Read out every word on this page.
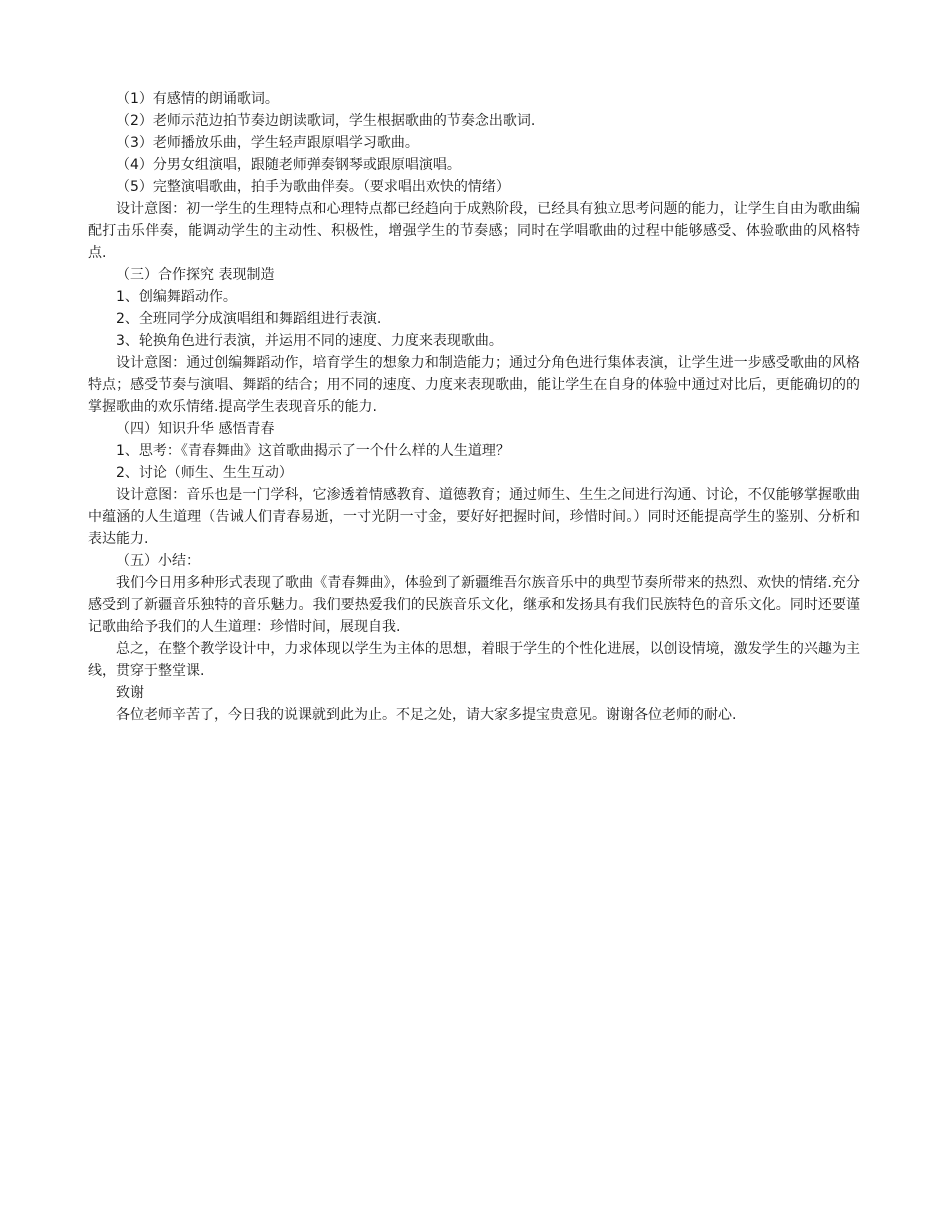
（1）有感情的朗诵歌词。

（2）老师示范边拍节奏边朗读歌词，学生根据歌曲的节奏念出歌词.

（3）老师播放乐曲，学生轻声跟原唱学习歌曲。

（4）分男女组演唱，跟随老师弹奏钢琴或跟原唱演唱。

（5）完整演唱歌曲，拍手为歌曲伴奏。（要求唱出欢快的情绪）

设计意图：初一学生的生理特点和心理特点都已经趋向于成熟阶段，已经具有独立思考问题的能力，让学生自由为歌曲编配打击乐伴奏，能调动学生的主动性、积极性，增强学生的节奏感；同时在学唱歌曲的过程中能够感受、体验歌曲的风格特点.

（三）合作探究 表现制造

1、创编舞蹈动作。

2、全班同学分成演唱组和舞蹈组进行表演.

3、轮换角色进行表演，并运用不同的速度、力度来表现歌曲。

设计意图：通过创编舞蹈动作，培育学生的想象力和制造能力；通过分角色进行集体表演，让学生进一步感受歌曲的风格特点；感受节奏与演唱、舞蹈的结合；用不同的速度、力度来表现歌曲，能让学生在自身的体验中通过对比后，更能确切的的掌握歌曲的欢乐情绪.提高学生表现音乐的能力.

（四）知识升华 感悟青春

1、思考：《青春舞曲》这首歌曲揭示了一个什么样的人生道理？

2、讨论（师生、生生互动）

设计意图：音乐也是一门学科，它渗透着情感教育、道德教育；通过师生、生生之间进行沟通、讨论，不仅能够掌握歌曲中蕴涵的人生道理（告诫人们青春易逝，一寸光阴一寸金，要好好把握时间，珍惜时间。）同时还能提高学生的鉴别、分析和表达能力.

（五）小结：

我们今日用多种形式表现了歌曲《青春舞曲》，体验到了新疆维吾尔族音乐中的典型节奏所带来的热烈、欢快的情绪.充分感受到了新疆音乐独特的音乐魅力。我们要热爱我们的民族音乐文化，继承和发扬具有我们民族特色的音乐文化。同时还要谨记歌曲给予我们的人生道理：珍惜时间，展现自我.

总之，在整个教学设计中，力求体现以学生为主体的思想，着眼于学生的个性化进展，以创设情境，激发学生的兴趣为主线，贯穿于整堂课.

致谢

各位老师辛苦了，今日我的说课就到此为止。不足之处，请大家多提宝贵意见。谢谢各位老师的耐心.
